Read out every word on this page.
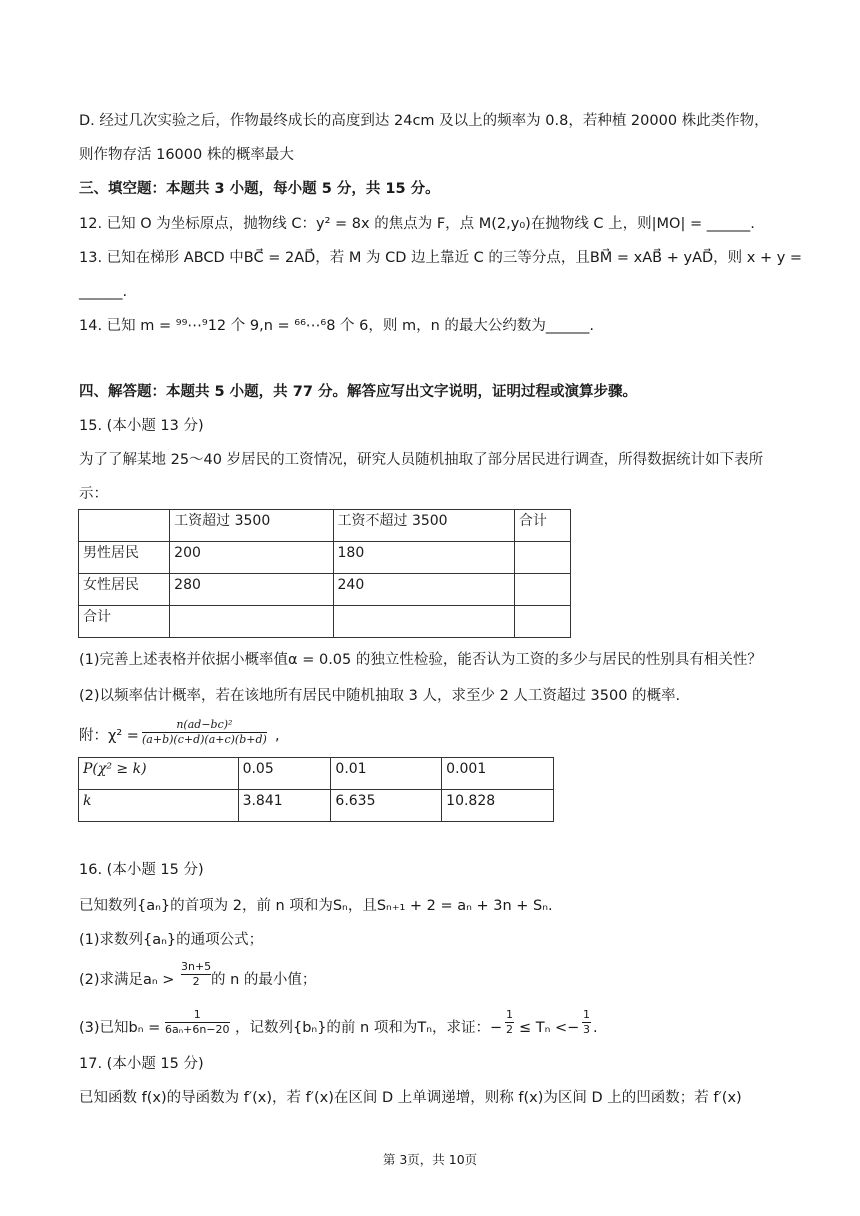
D. 经过几次实验之后，作物最终成长的高度到达 24cm 及以上的频率为 0.8，若种植 20000 株此类作物，
则作物存活 16000 株的概率最大
三、填空题：本题共 3 小题，每小题 5 分，共 15 分。
12. 已知 O 为坐标原点，抛物线 C：y² = 8x 的焦点为 F，点 M(2,y₀)在抛物线 C 上，则|MO| = ______.
13. 已知在梯形 ABCD 中BC⃗ = 2AD⃗，若 M 为 CD 边上靠近 C 的三等分点，且BM⃗ = xAB⃗ + yAD⃗，则 x + y =
______.
14. 已知 m = ⁹⁹⋯⁹12 个 9,n = ⁶⁶⋯⁶8 个 6，则 m，n 的最大公约数为______.
四、解答题：本题共 5 小题，共 77 分。解答应写出文字说明，证明过程或演算步骤。
15. (本小题 13 分)
为了了解某地 25～40 岁居民的工资情况，研究人员随机抽取了部分居民进行调查，所得数据统计如下表所
示：
	工资超过 3500	工资不超过 3500	合计
男性居民	200	180	
女性居民	280	240	
合计			
(1)完善上述表格并依据小概率值α = 0.05 的独立性检验，能否认为工资的多少与居民的性别具有相关性？
(2)以频率估计概率，若在该地所有居民中随机抽取 3 人，求至少 2 人工资超过 3500 的概率.
附：$\chi^2 = \frac{\text{n(ad−bc)²}}{(a+b)(c+d)(a+c)(b+d)}$ ,
P(χ² ≥ k)	0.05	0.01	0.001
k	3.841	6.635	10.828
16. (本小题 15 分)
已知数列{aₙ}的首项为 2，前 n 项和为Sₙ，且Sₙ₊₁ + 2 = aₙ + 3n + Sₙ.
(1)求数列{aₙ}的通项公式；
(2)求满足$a_n > \frac{3n+5}{2}$ 的 n 的最小值；
(3)已知$b_n = \frac{1}{\text{6aₙ+6n−20}}$ ，记数列{bₙ}的前 n 项和为Tₙ，求证：− $\frac{1}{2} \le T_n <- \frac{1}{3}$ .
17. (本小题 15 分)
已知函数 f(x)的导函数为 f′(x)，若 f′(x)在区间 D 上单调递增，则称 f(x)为区间 D 上的凹函数；若 f′(x)
第 3页，共 10页
